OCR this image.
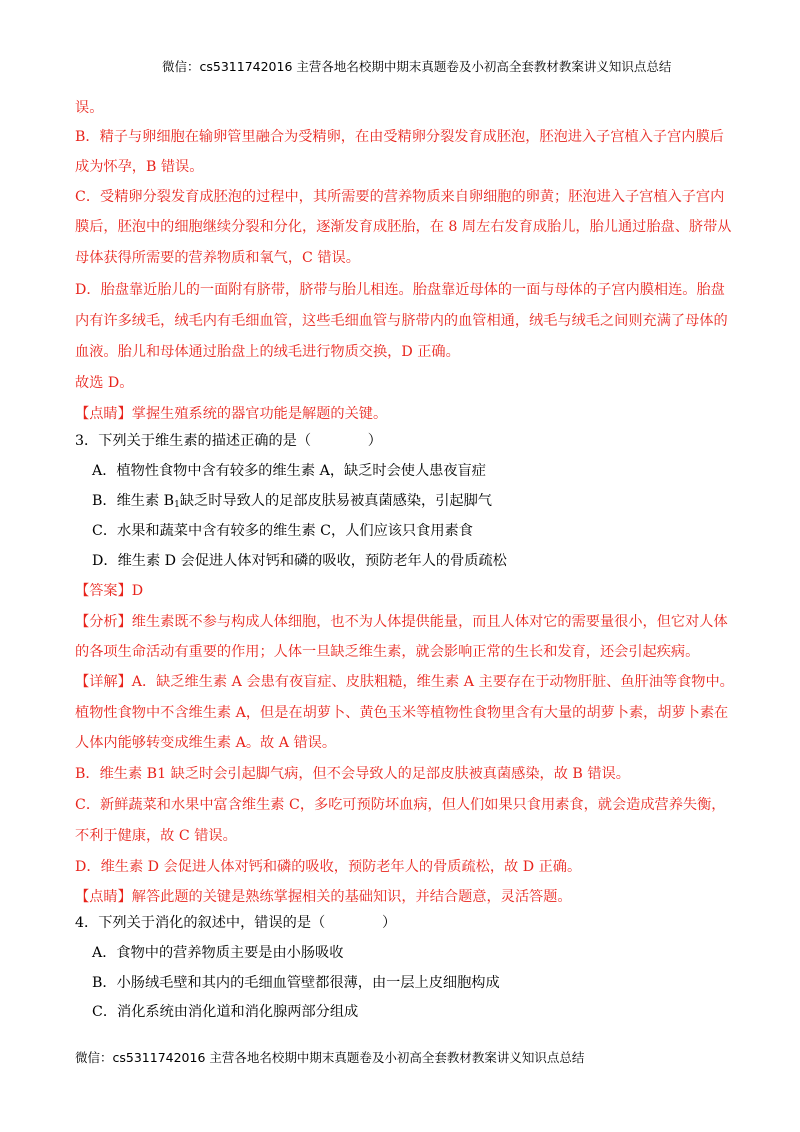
微信：cs5311742016 主营各地名校期中期末真题卷及小初高全套教材教案讲义知识点总结
误。
B．精子与卵细胞在输卵管里融合为受精卵，在由受精卵分裂发育成胚泡，胚泡进入子宫植入子宫内膜后
成为怀孕，B 错误。
C．受精卵分裂发育成胚泡的过程中，其所需要的营养物质来自卵细胞的卵黄；胚泡进入子宫植入子宫内
膜后，胚泡中的细胞继续分裂和分化，逐渐发育成胚胎，在 8 周左右发育成胎儿，胎儿通过胎盘、脐带从
母体获得所需要的营养物质和氧气，C 错误。
D．胎盘靠近胎儿的一面附有脐带，脐带与胎儿相连。胎盘靠近母体的一面与母体的子宫内膜相连。胎盘
内有许多绒毛，绒毛内有毛细血管，这些毛细血管与脐带内的血管相通，绒毛与绒毛之间则充满了母体的
血液。胎儿和母体通过胎盘上的绒毛进行物质交换，D 正确。
故选 D。
【点睛】掌握生殖系统的器官功能是解题的关键。
3．下列关于维生素的描述正确的是（　　　　）
A．植物性食物中含有较多的维生素 A，缺乏时会使人患夜盲症
B．维生素 $B_1$缺乏时导致人的足部皮肤易被真菌感染，引起脚气
C．水果和蔬菜中含有较多的维生素 C，人们应该只食用素食
D．维生素 D 会促进人体对钙和磷的吸收，预防老年人的骨质疏松
【答案】D
【分析】维生素既不参与构成人体细胞，也不为人体提供能量，而且人体对它的需要量很小，但它对人体
的各项生命活动有重要的作用；人体一旦缺乏维生素，就会影响正常的生长和发育，还会引起疾病。
【详解】A．缺乏维生素 A 会患有夜盲症、皮肤粗糙，维生素 A 主要存在于动物肝脏、鱼肝油等食物中。
植物性食物中不含维生素 A，但是在胡萝卜、黄色玉米等植物性食物里含有大量的胡萝卜素，胡萝卜素在
人体内能够转变成维生素 A。故 A 错误。
B．维生素 B1 缺乏时会引起脚气病，但不会导致人的足部皮肤被真菌感染，故 B 错误。
C．新鲜蔬菜和水果中富含维生素 C，多吃可预防坏血病，但人们如果只食用素食，就会造成营养失衡，
不利于健康，故 C 错误。
D．维生素 D 会促进人体对钙和磷的吸收，预防老年人的骨质疏松，故 D 正确。
【点睛】解答此题的关键是熟练掌握相关的基础知识，并结合题意，灵活答题。
4．下列关于消化的叙述中，错误的是（　　　　）
A．食物中的营养物质主要是由小肠吸收
B．小肠绒毛壁和其内的毛细血管壁都很薄，由一层上皮细胞构成
C．消化系统由消化道和消化腺两部分组成
微信：cs5311742016 主营各地名校期中期末真题卷及小初高全套教材教案讲义知识点总结
